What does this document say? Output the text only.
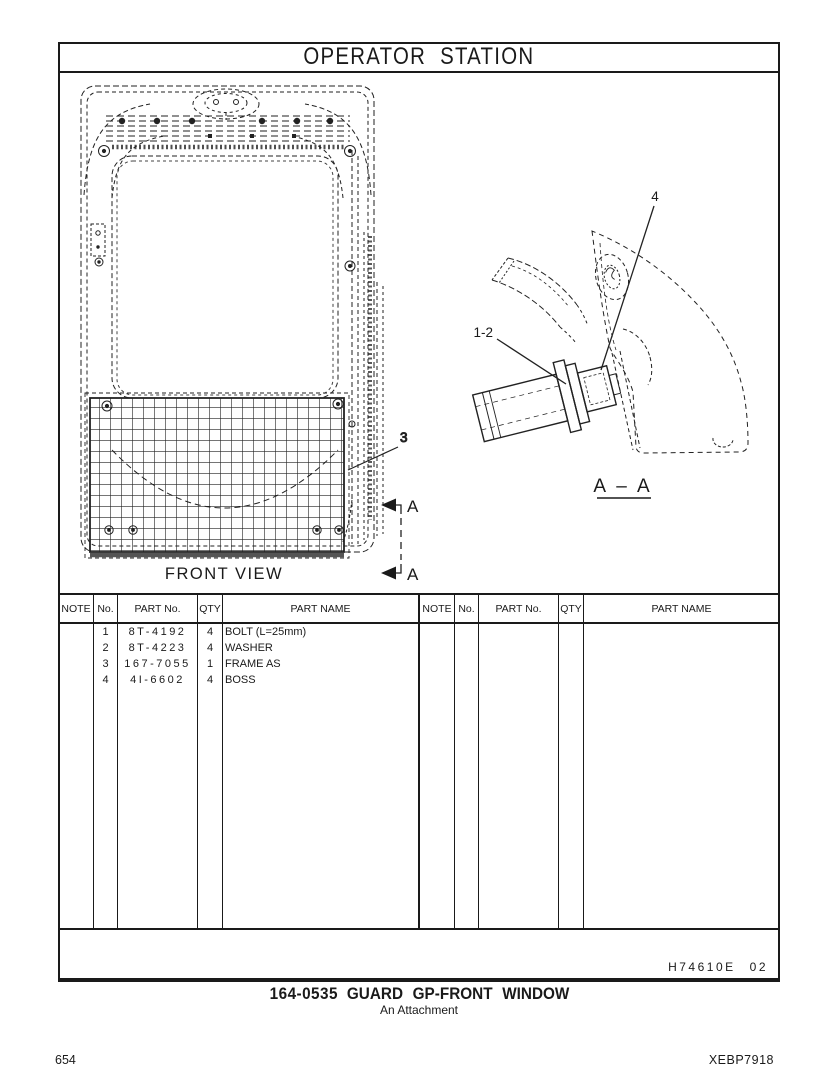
OPERATOR  STATION
3
A
A
FRONT VIEW
4
1-2
A – A
NOTE	No.	PART No.	QTY	PART NAME
	1	8T-4192	4	BOLT (L=25mm)
	2	8T-4223	4	WASHER
	3	167-7055	1	FRAME AS
	4	4I-6602	4	BOSS

NOTE	No.	PART No.	QTY	PART NAME

H74610E 02
164-0535 GUARD GP-FRONT WINDOW
An Attachment
654	XEBP7918
